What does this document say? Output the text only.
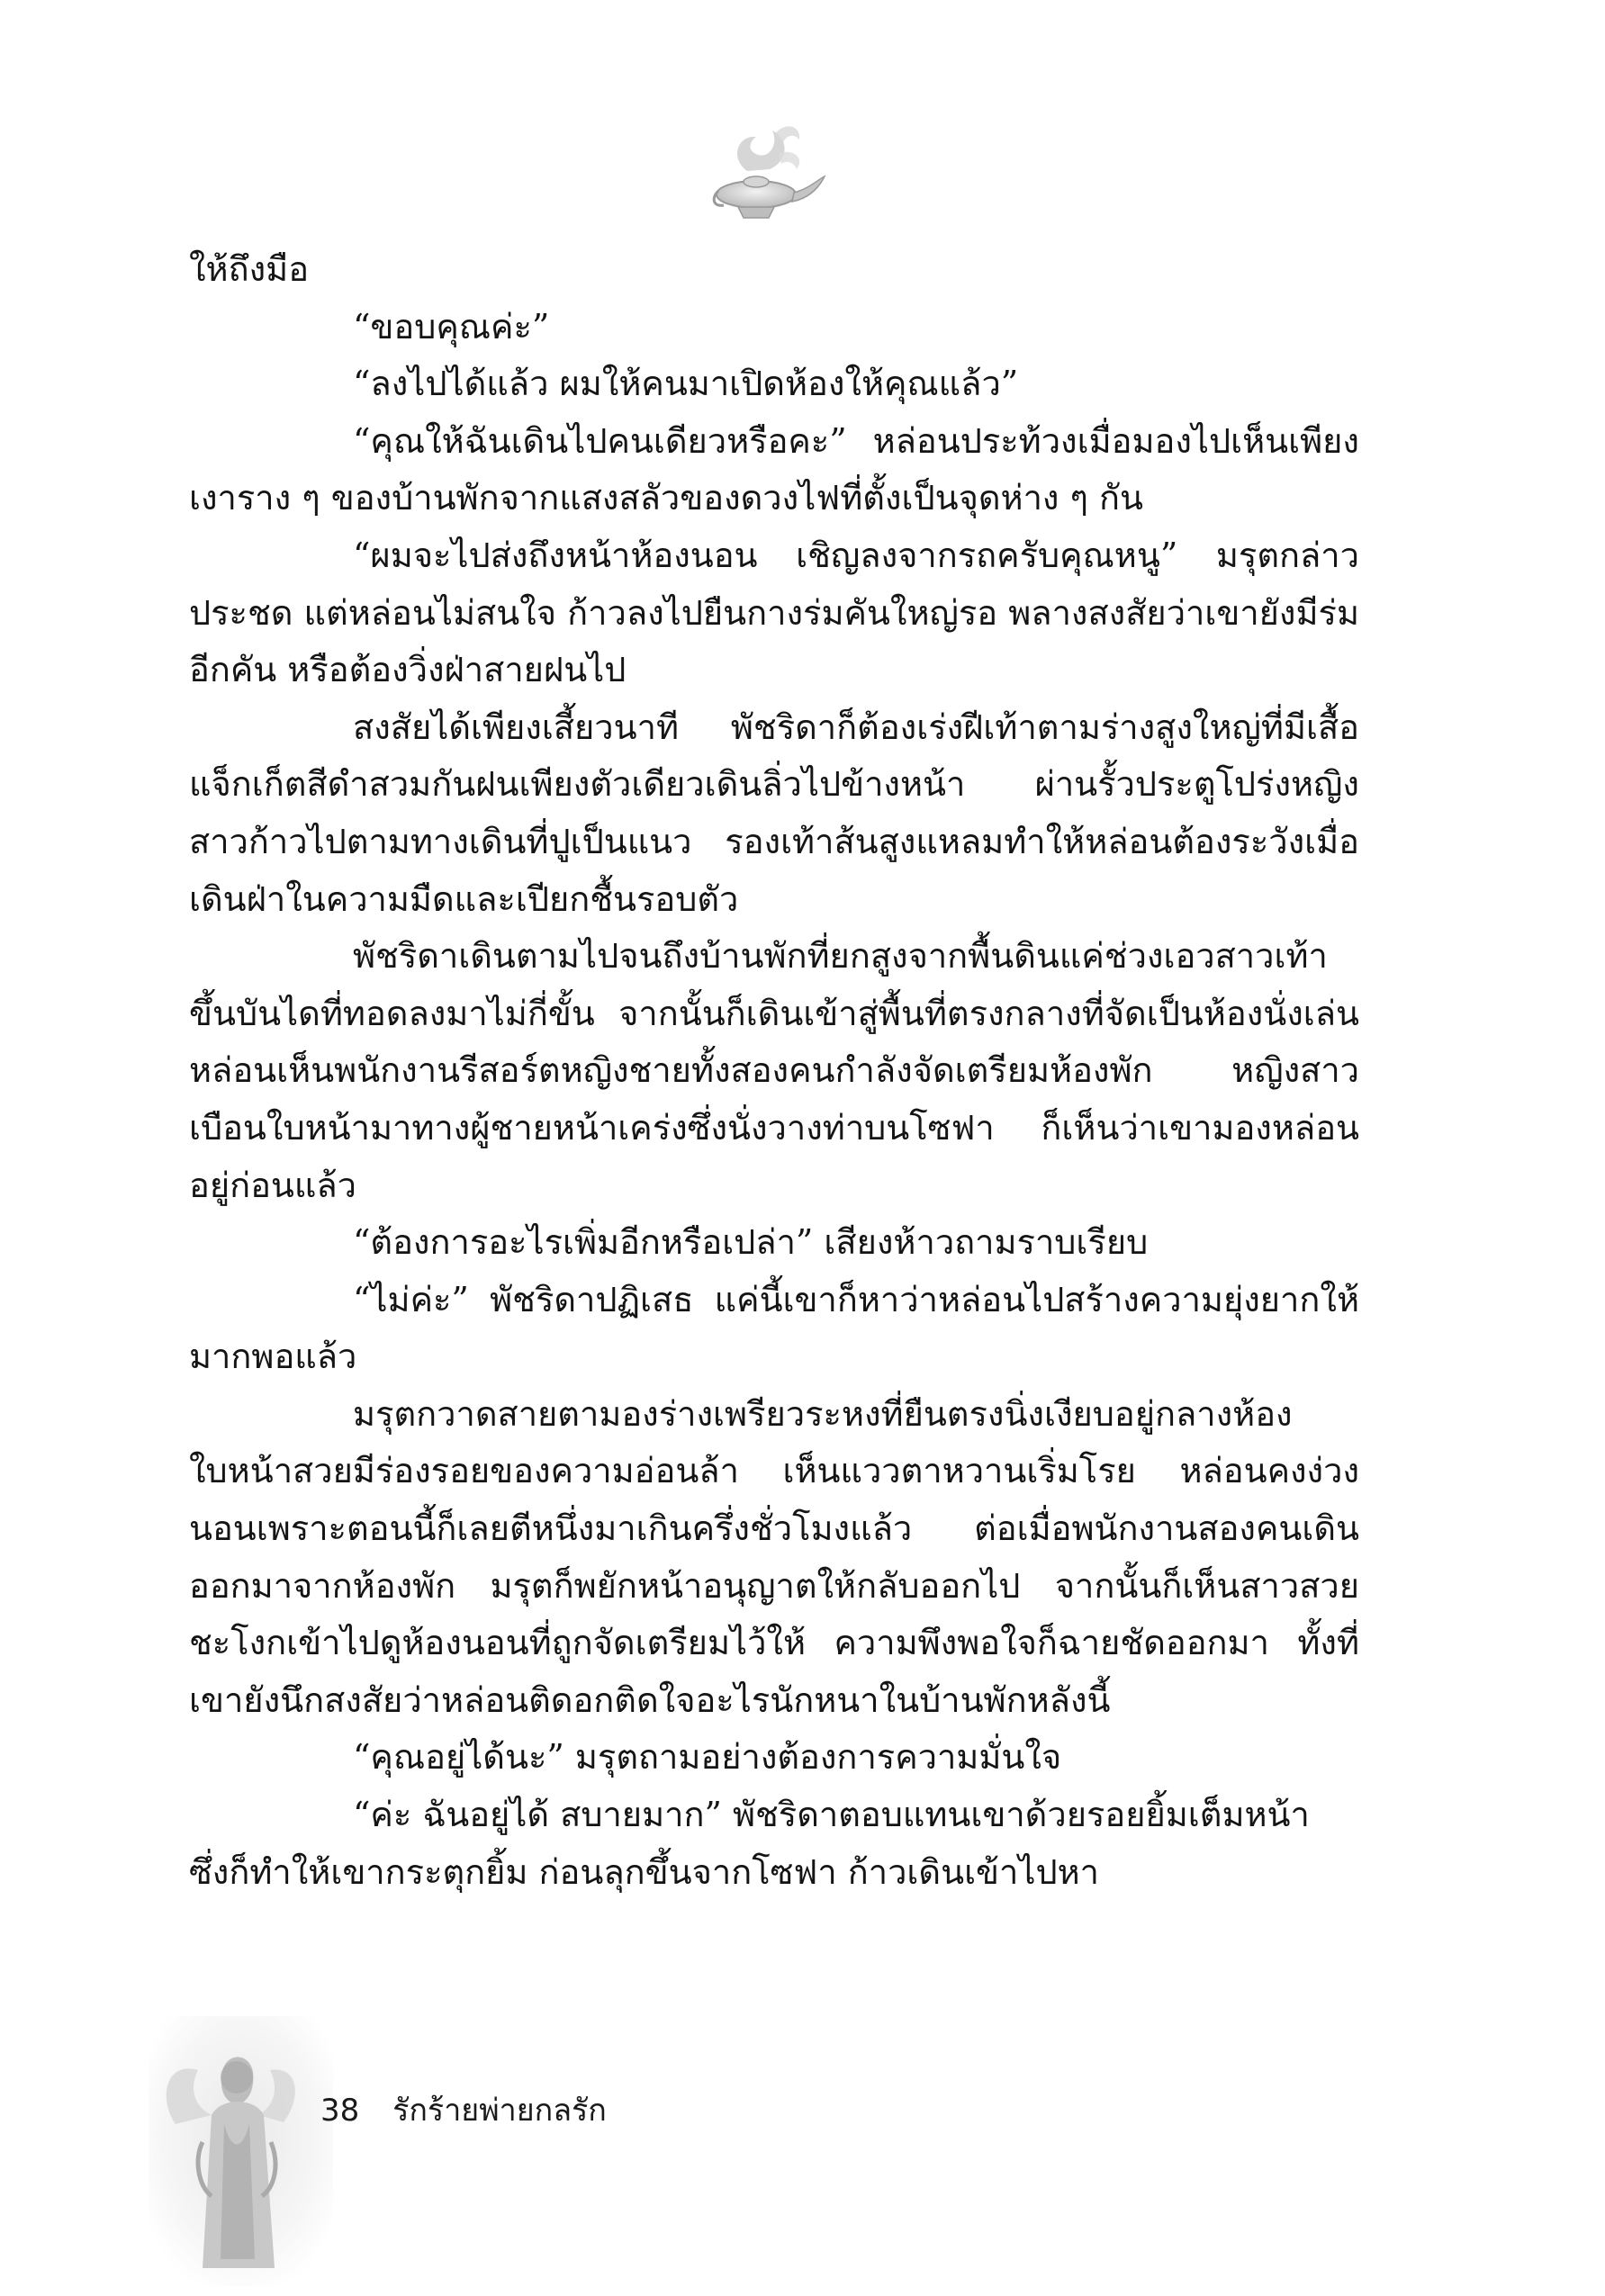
ให้ถึงมือ

“ขอบคุณค่ะ”

“ลงไปได้แล้ว ผมให้คนมาเปิดห้องให้คุณแล้ว”

“คุณให้ฉันเดินไปคนเดียวหรือคะ” หล่อนประท้วงเมื่อมองไปเห็นเพียงเงาราง ๆ ของบ้านพักจากแสงสลัวของดวงไฟที่ตั้งเป็นจุดห่าง ๆ กัน

“ผมจะไปส่งถึงหน้าห้องนอน เชิญลงจากรถครับคุณหนู” มรุตกล่าวประชด แต่หล่อนไม่สนใจ ก้าวลงไปยืนกางร่มคันใหญ่รอ พลางสงสัยว่าเขายังมีร่มอีกคัน หรือต้องวิ่งฝ่าสายฝนไป

สงสัยได้เพียงเสี้ยวนาที พัชริดาก็ต้องเร่งฝีเท้าตามร่างสูงใหญ่ที่มีเสื้อแจ็กเก็ตสีดำสวมกันฝนเพียงตัวเดียวเดินลิ่วไปข้างหน้า ผ่านรั้วประตูโปร่งหญิงสาวก้าวไปตามทางเดินที่ปูเป็นแนว รองเท้าส้นสูงแหลมทำให้หล่อนต้องระวังเมื่อเดินฝ่าในความมืดและเปียกชื้นรอบตัว

พัชริดาเดินตามไปจนถึงบ้านพักที่ยกสูงจากพื้นดินแค่ช่วงเอวสาวเท้าขึ้นบันไดที่ทอดลงมาไม่กี่ขั้น จากนั้นก็เดินเข้าสู่พื้นที่ตรงกลางที่จัดเป็นห้องนั่งเล่น หล่อนเห็นพนักงานรีสอร์ตหญิงชายทั้งสองคนกำลังจัดเตรียมห้องพัก หญิงสาวเบือนใบหน้ามาทางผู้ชายหน้าเคร่งซึ่งนั่งวางท่าบนโซฟา ก็เห็นว่าเขามองหล่อนอยู่ก่อนแล้ว

“ต้องการอะไรเพิ่มอีกหรือเปล่า” เสียงห้าวถามราบเรียบ

“ไม่ค่ะ” พัชริดาปฏิเสธ แค่นี้เขาก็หาว่าหล่อนไปสร้างความยุ่งยากให้มากพอแล้ว

มรุตกวาดสายตามองร่างเพรียวระหงที่ยืนตรงนิ่งเงียบอยู่กลางห้องใบหน้าสวยมีร่องรอยของความอ่อนล้า เห็นแววตาหวานเริ่มโรย หล่อนคงง่วงนอนเพราะตอนนี้ก็เลยตีหนึ่งมาเกินครึ่งชั่วโมงแล้ว ต่อเมื่อพนักงานสองคนเดินออกมาจากห้องพัก มรุตก็พยักหน้าอนุญาตให้กลับออกไป จากนั้นก็เห็นสาวสวยชะโงกเข้าไปดูห้องนอนที่ถูกจัดเตรียมไว้ให้ ความพึงพอใจก็ฉายชัดออกมา ทั้งที่เขายังนึกสงสัยว่าหล่อนติดอกติดใจอะไรนักหนาในบ้านพักหลังนี้

“คุณอยู่ได้นะ” มรุตถามอย่างต้องการความมั่นใจ

“ค่ะ ฉันอยู่ได้ สบายมาก” พัชริดาตอบแทนเขาด้วยรอยยิ้มเต็มหน้า ซึ่งก็ทำให้เขากระตุกยิ้ม ก่อนลุกขึ้นจากโซฟา ก้าวเดินเข้าไปหา

38 รักร้ายพ่ายกลรัก
